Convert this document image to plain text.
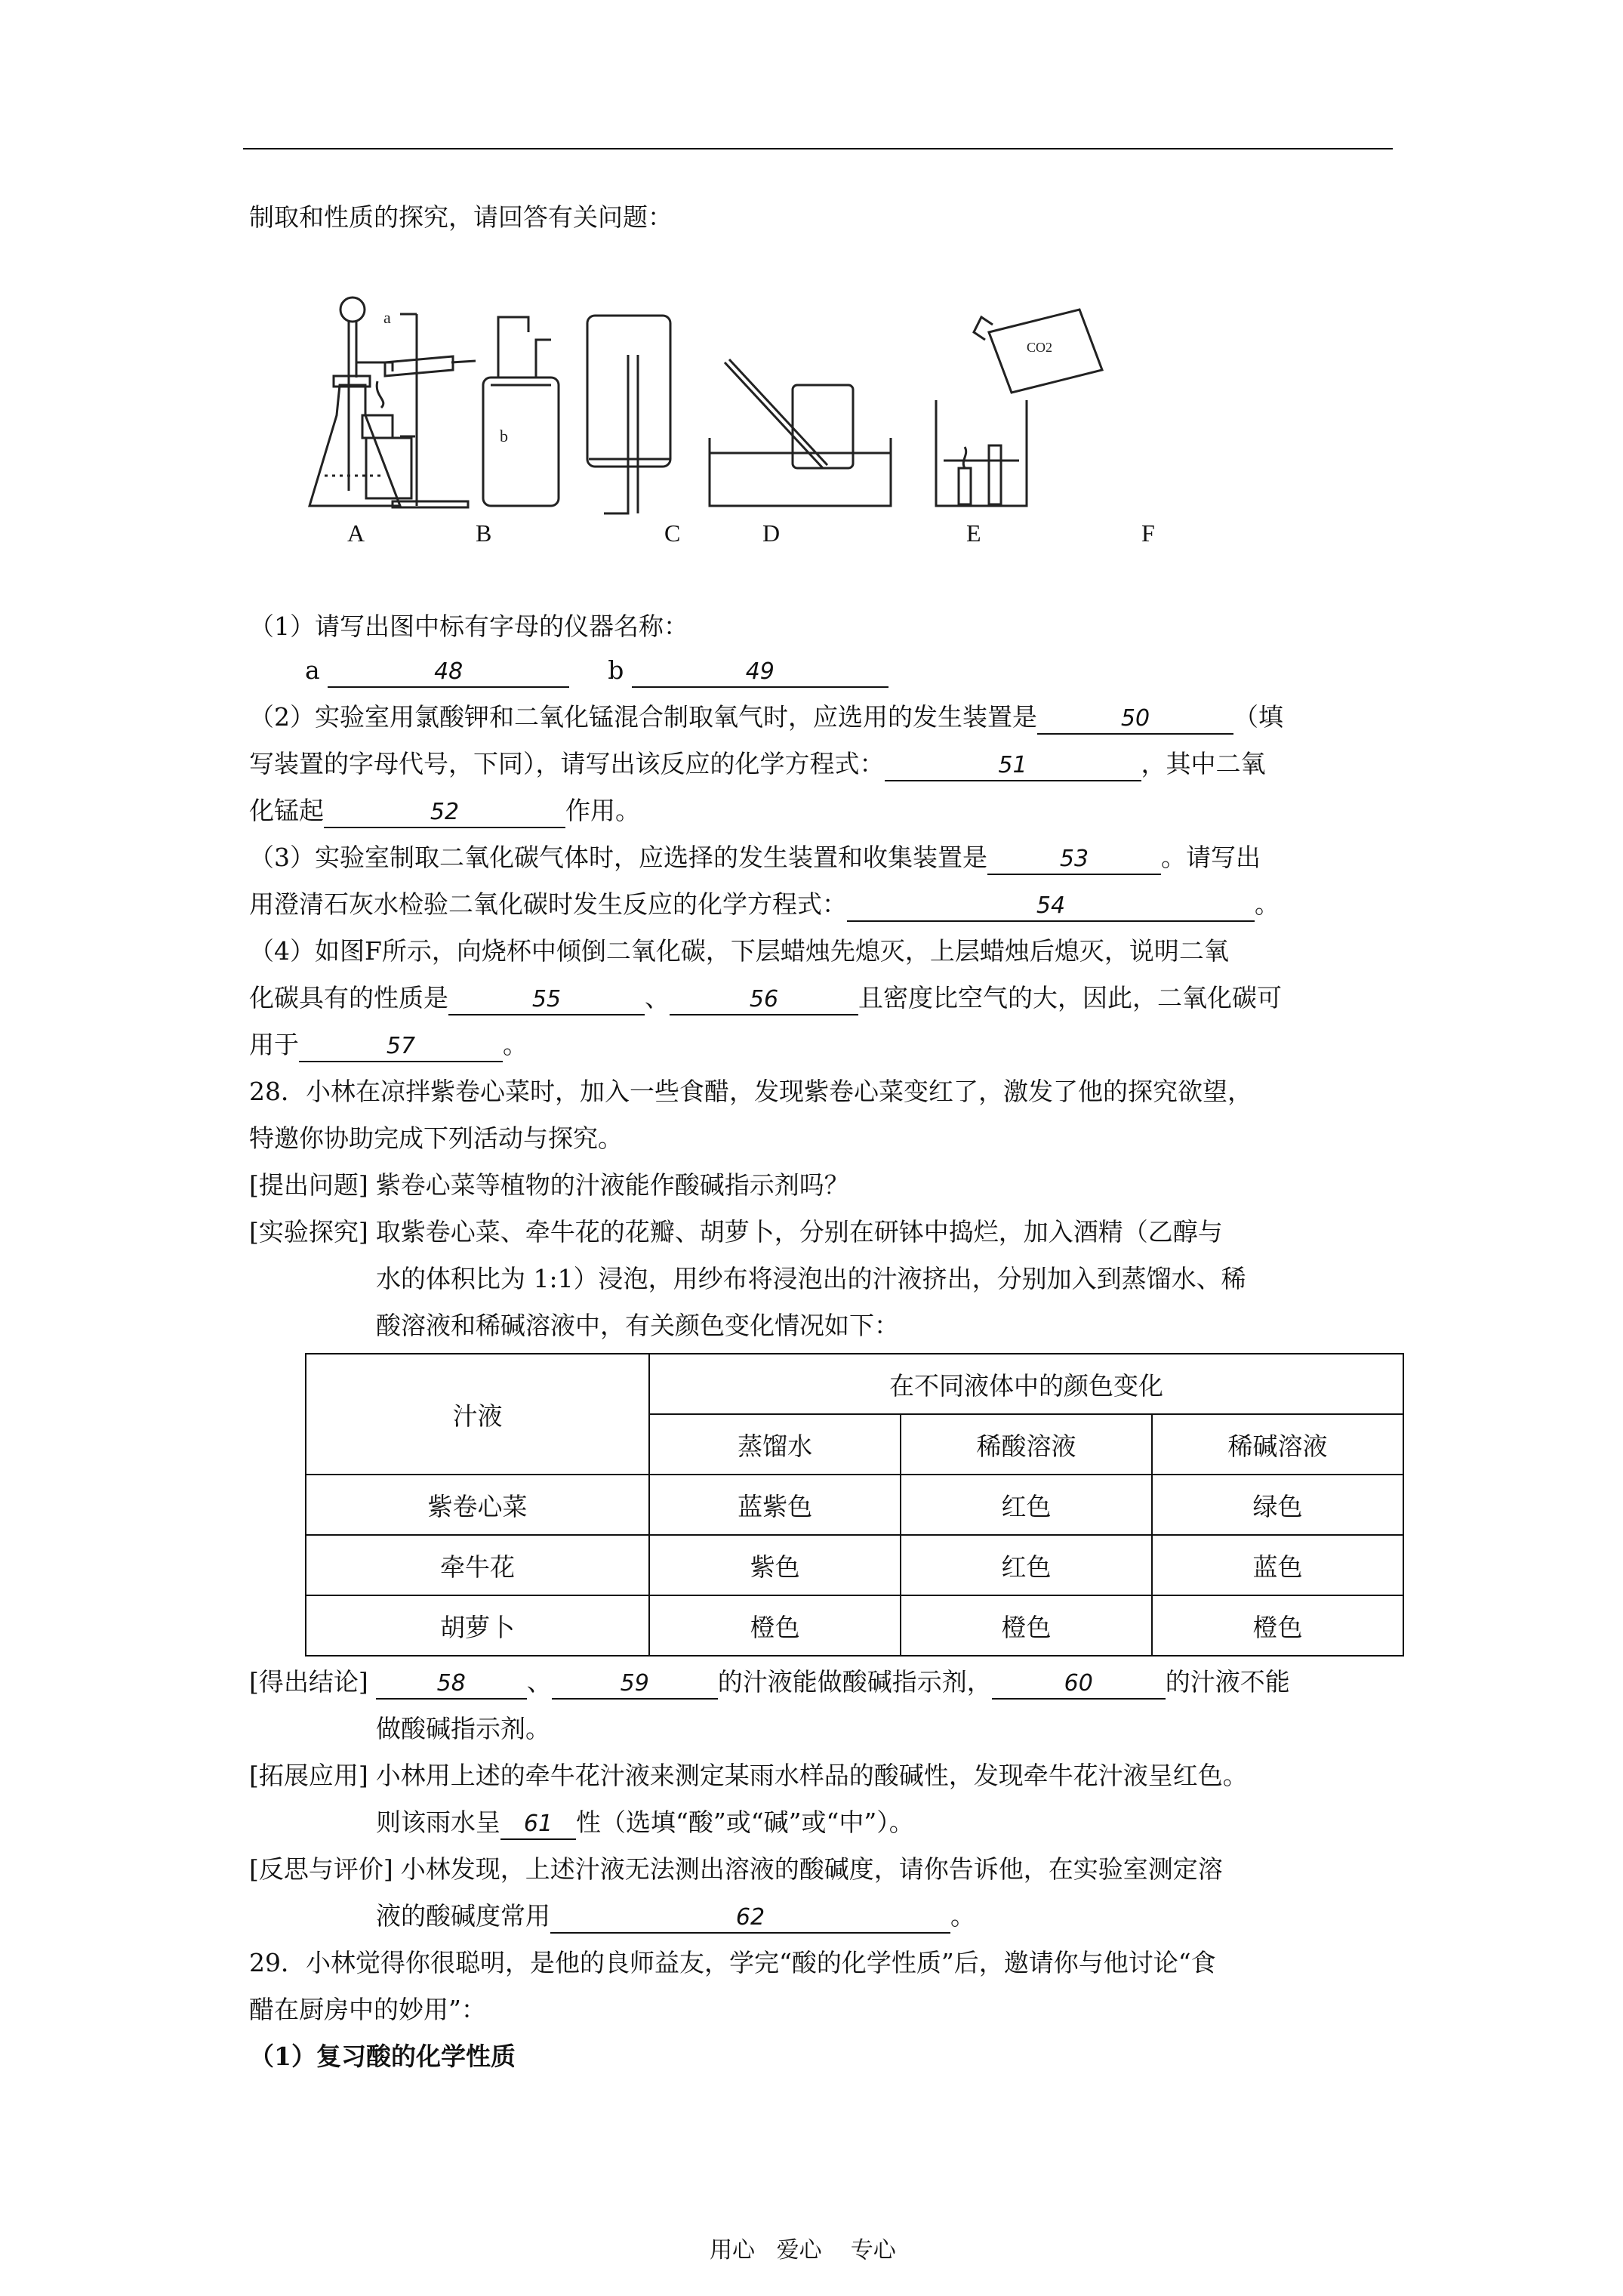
制取和性质的探究，请回答有关问题：
a
b
CO2
A	B	C	D	E	F
（1）请写出图中标有字母的仪器名称：
a	48	b	49
（2）实验室用氯酸钾和二氧化锰混合制取氧气时，应选用的发生装置是	50	（填
写装置的字母代号，下同），请写出该反应的化学方程式：	51	，其中二氧
化锰起	52	作用。
（3）实验室制取二氧化碳气体时，应选择的发生装置和收集装置是	53	。请写出
用澄清石灰水检验二氧化碳时发生反应的化学方程式：	54	。
（4）如图F所示，向烧杯中倾倒二氧化碳，下层蜡烛先熄灭，上层蜡烛后熄灭，说明二氧
化碳具有的性质是	55	、	56	且密度比空气的大，因此，二氧化碳可
用于	57	。
28．小林在凉拌紫卷心菜时，加入一些食醋，发现紫卷心菜变红了，激发了他的探究欲望，
特邀你协助完成下列活动与探究。
[提出问题] 紫卷心菜等植物的汁液能作酸碱指示剂吗？
[实验探究] 取紫卷心菜、牵牛花的花瓣、胡萝卜，分别在研钵中捣烂，加入酒精（乙醇与
水的体积比为 1:1）浸泡，用纱布将浸泡出的汁液挤出，分别加入到蒸馏水、稀
酸溶液和稀碱溶液中，有关颜色变化情况如下：
汁液	在不同液体中的颜色变化		
	蒸馏水	稀酸溶液	稀碱溶液
紫卷心菜	蓝紫色	红色	绿色
牵牛花	紫色	红色	蓝色
胡萝卜	橙色	橙色	橙色
[得出结论]	58 、	59	的汁液能做酸碱指示剂，	60	的汁液不能
做酸碱指示剂。
[拓展应用] 小林用上述的牵牛花汁液来测定某雨水样品的酸碱性，发现牵牛花汁液呈红色。
则该雨水呈 61 性（选填“酸”或“碱”或“中”）。
[反思与评价] 小林发现，上述汁液无法测出溶液的酸碱度，请你告诉他，在实验室测定溶
液的酸碱度常用	62	。
29．小林觉得你很聪明，是他的良师益友，学完“酸的化学性质”后，邀请你与他讨论“食
醋在厨房中的妙用”：
（1）复习酸的化学性质
用心   爱心    专心
